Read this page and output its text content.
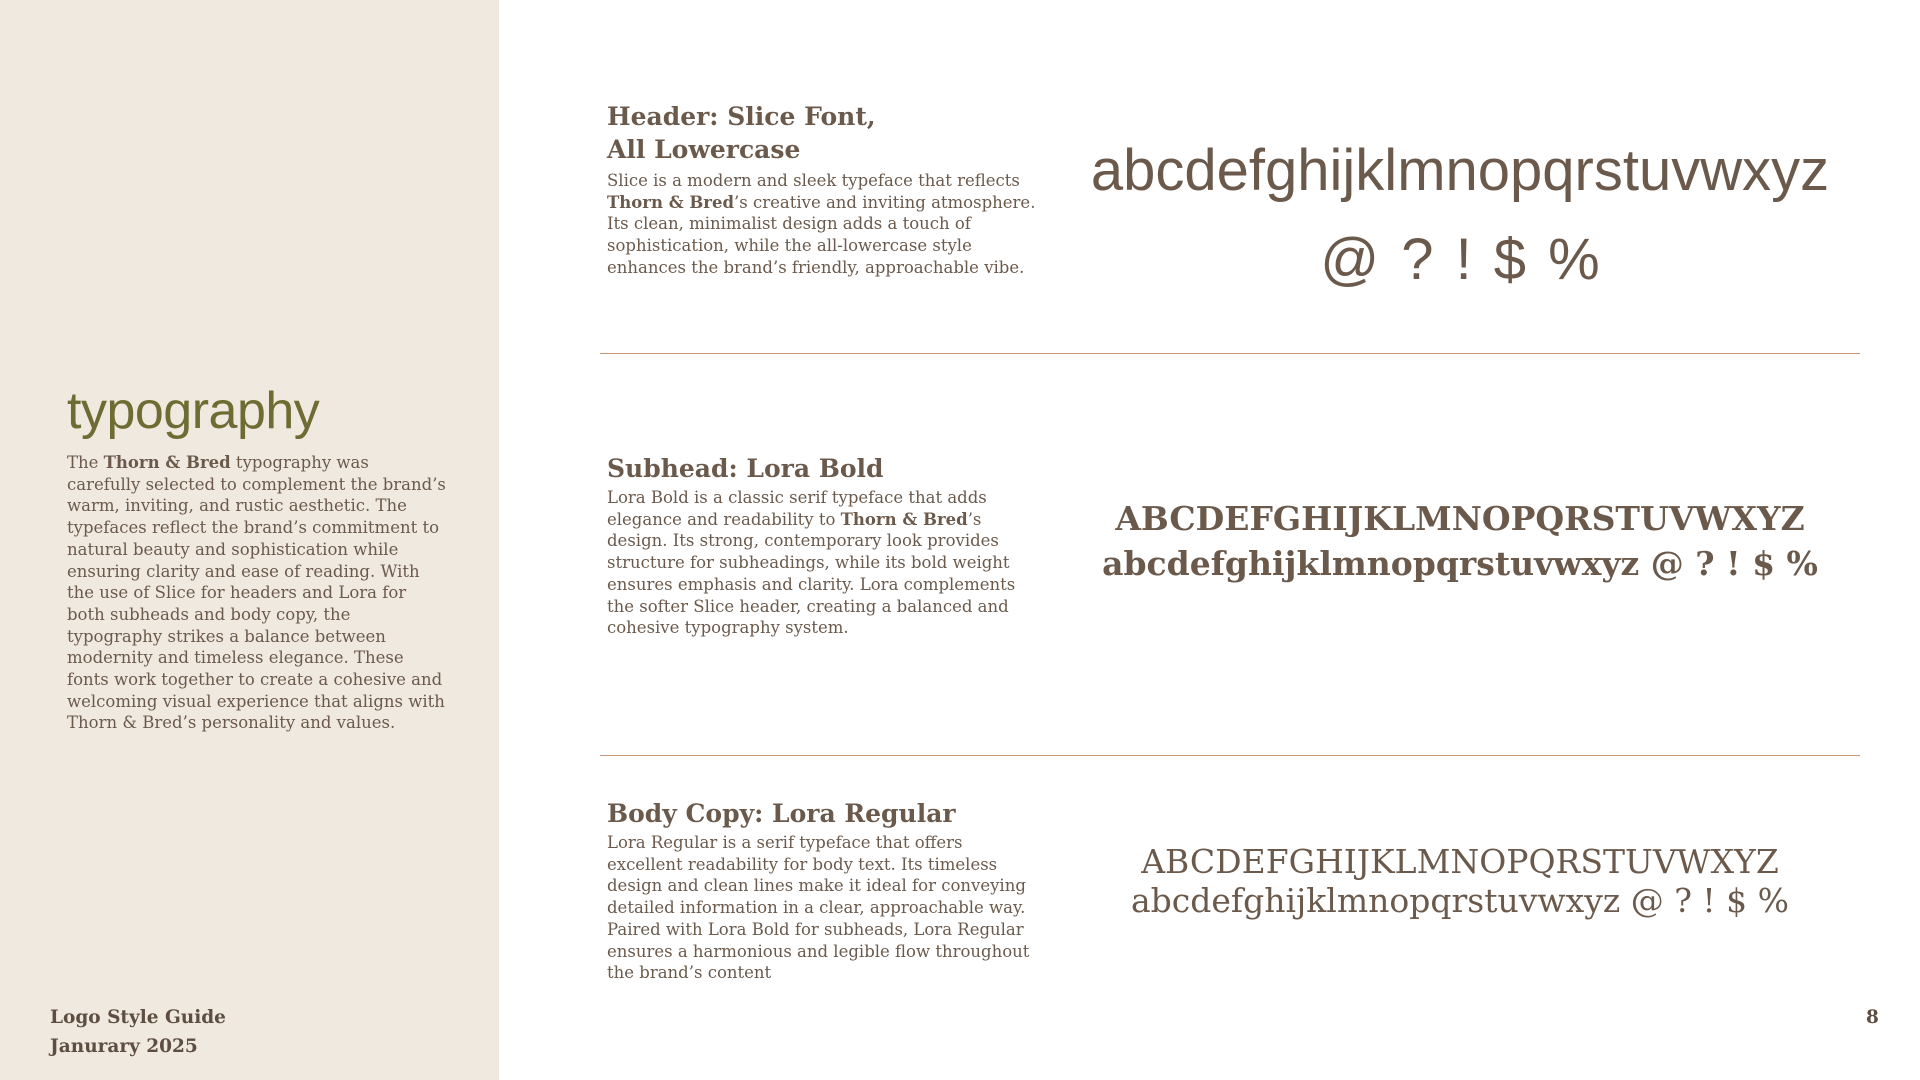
typography
The Thorn & Bred typography was carefully selected to complement the brand’s warm, inviting, and rustic aesthetic. The typefaces reflect the brand’s commitment to natural beauty and sophistication while ensuring clarity and ease of reading. With the use of Slice for headers and Lora for both subheads and body copy, the typography strikes a balance between modernity and timeless elegance. These fonts work together to create a cohesive and welcoming visual experience that aligns with Thorn & Bred’s personality and values.
Logo Style Guide
Janurary 2025
Header: Slice Font,
All Lowercase
Slice is a modern and sleek typeface that reflects Thorn & Bred’s creative and inviting atmosphere. Its clean, minimalist design adds a touch of sophistication, while the all-lowercase style enhances the brand’s friendly, approachable vibe.
abcdefghijklmnopqrstuvwxyz
@ ? ! $ %
Subhead: Lora Bold
Lora Bold is a classic serif typeface that adds elegance and readability to Thorn & Bred’s design. Its strong, contemporary look provides structure for subheadings, while its bold weight ensures emphasis and clarity. Lora complements the softer Slice header, creating a balanced and cohesive typography system.
ABCDEFGHIJKLMNOPQRSTUVWXYZ
abcdefghijklmnopqrstuvwxyz @ ? ! $ %
Body Copy: Lora Regular
Lora Regular is a serif typeface that offers excellent readability for body text. Its timeless design and clean lines make it ideal for conveying detailed information in a clear, approachable way. Paired with Lora Bold for subheads, Lora Regular ensures a harmonious and legible flow throughout the brand’s content
ABCDEFGHIJKLMNOPQRSTUVWXYZ
abcdefghijklmnopqrstuvwxyz @ ? ! $ %
8
